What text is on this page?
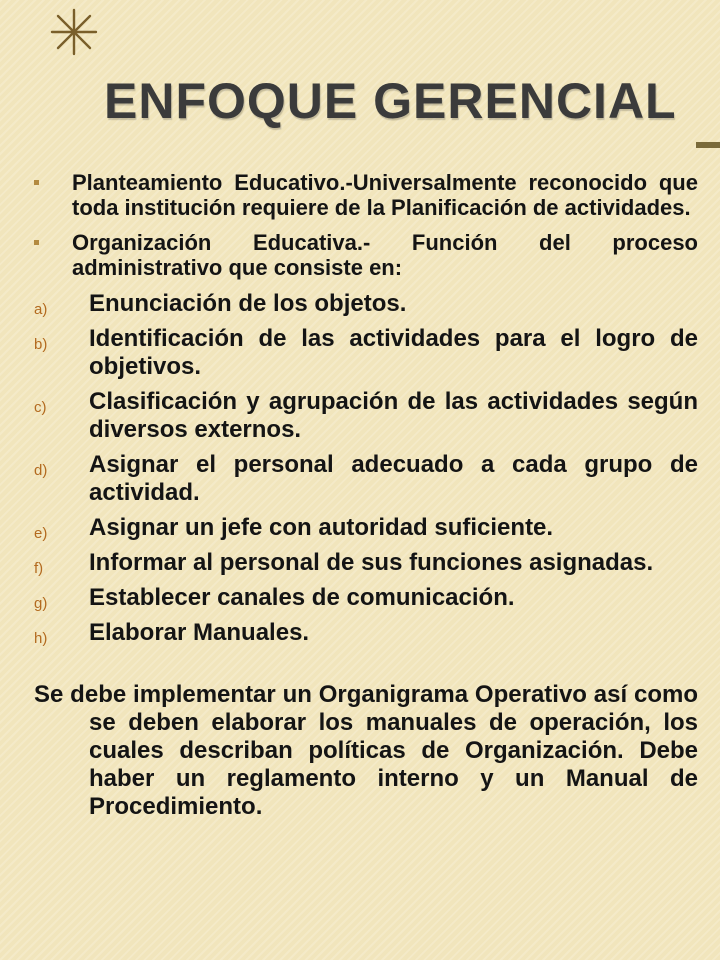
ENFOQUE GERENCIAL
Planteamiento Educativo.-Universalmente reconocido que toda institución requiere de la Planificación de actividades.
Organización Educativa.- Función del proceso administrativo que consiste en:
a) Enunciación de los objetos.
b) Identificación de las actividades para el logro de objetivos.
c) Clasificación y agrupación de las actividades según diversos externos.
d) Asignar el personal adecuado a cada grupo de actividad.
e) Asignar un jefe con autoridad suficiente.
f) Informar al personal de sus funciones asignadas.
g) Establecer canales de comunicación.
h) Elaborar Manuales.

Se debe implementar un Organigrama Operativo así como se deben elaborar los manuales de operación, los cuales describan políticas de Organización. Debe haber un reglamento interno y un Manual de Procedimiento.
